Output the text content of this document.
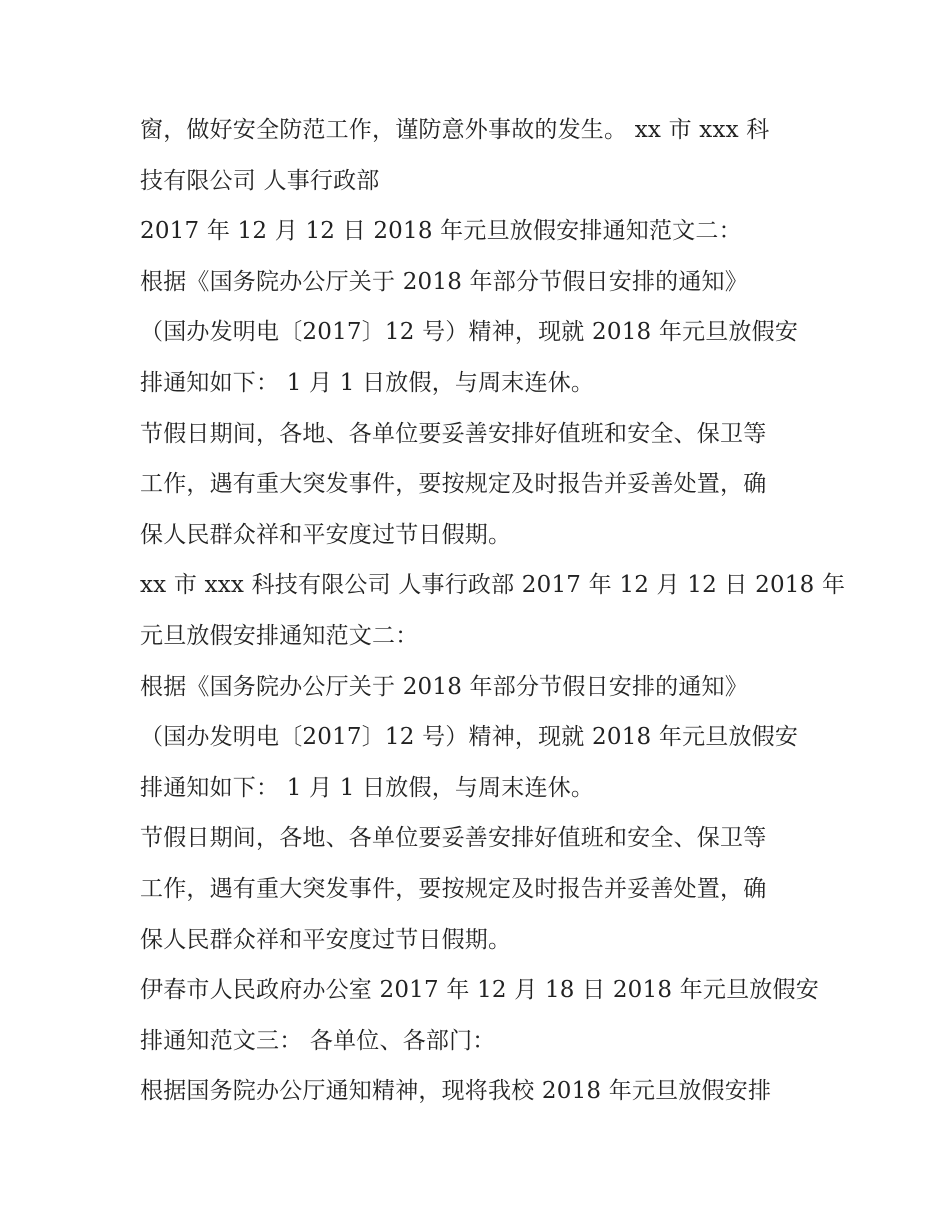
窗，做好安全防范工作，谨防意外事故的发生。 xx 市 xxx 科
技有限公司 人事行政部
2017 年 12 月 12 日 2018 年元旦放假安排通知范文二：
根据《国务院办公厅关于 2018 年部分节假日安排的通知》
（国办发明电〔2017〕12 号）精神，现就 2018 年元旦放假安
排通知如下： 1 月 1 日放假，与周末连休。
节假日期间，各地、各单位要妥善安排好值班和安全、保卫等
工作，遇有重大突发事件，要按规定及时报告并妥善处置，确
保人民群众祥和平安度过节日假期。
xx 市 xxx 科技有限公司 人事行政部 2017 年 12 月 12 日 2018 年
元旦放假安排通知范文二：
根据《国务院办公厅关于 2018 年部分节假日安排的通知》
（国办发明电〔2017〕12 号）精神，现就 2018 年元旦放假安
排通知如下： 1 月 1 日放假，与周末连休。
节假日期间，各地、各单位要妥善安排好值班和安全、保卫等
工作，遇有重大突发事件，要按规定及时报告并妥善处置，确
保人民群众祥和平安度过节日假期。
伊春市人民政府办公室 2017 年 12 月 18 日 2018 年元旦放假安
排通知范文三： 各单位、各部门：
根据国务院办公厅通知精神，现将我校 2018 年元旦放假安排
